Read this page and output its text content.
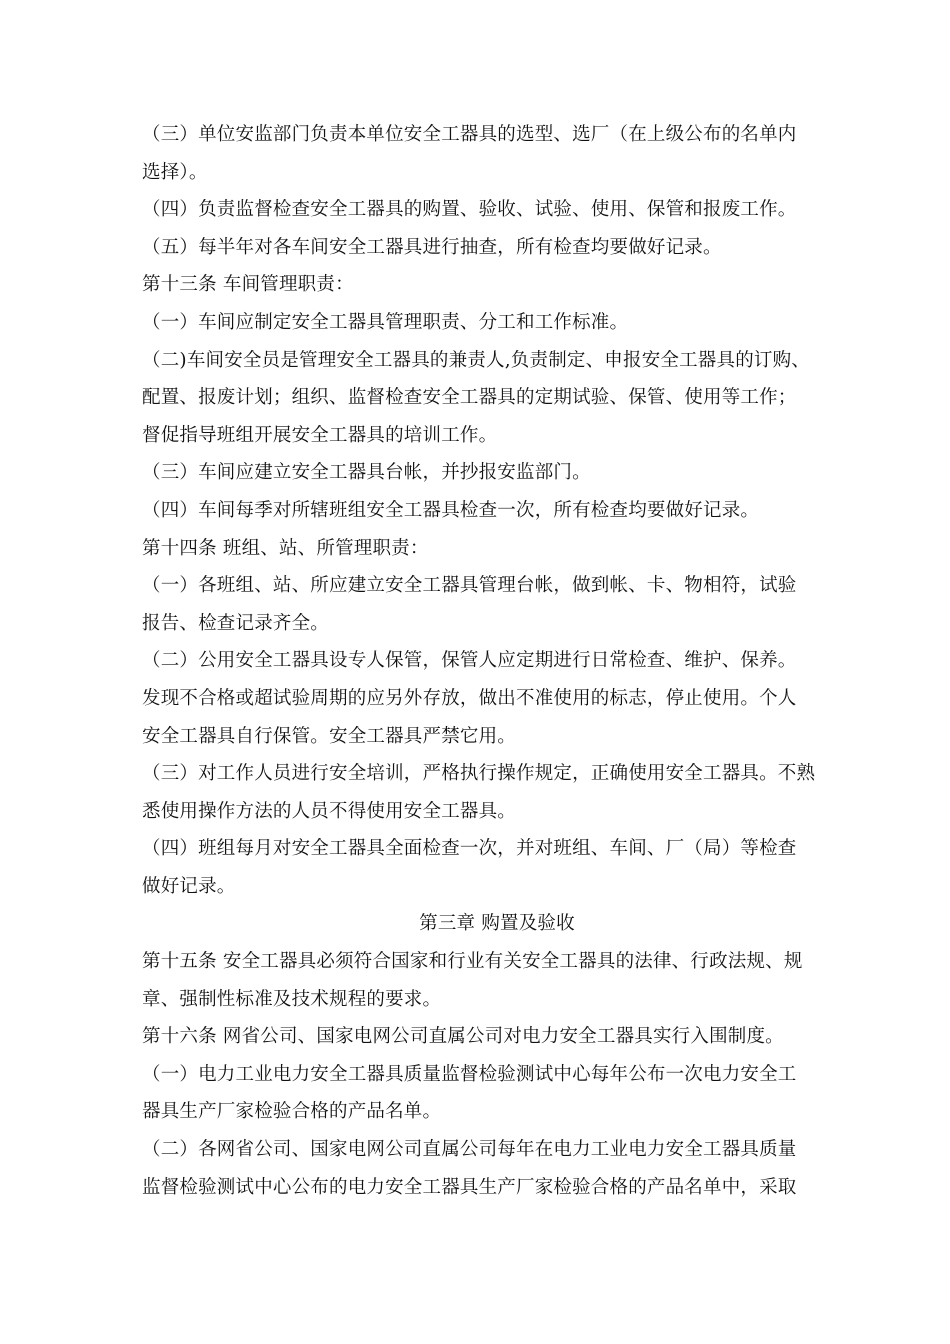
（三）单位安监部门负责本单位安全工器具的选型、选厂（在上级公布的名单内
选择）。
（四）负责监督检查安全工器具的购置、验收、试验、使用、保管和报废工作。
（五）每半年对各车间安全工器具进行抽查，所有检查均要做好记录。
第十三条 车间管理职责：
（一）车间应制定安全工器具管理职责、分工和工作标准。
（二)车间安全员是管理安全工器具的兼责人,负责制定、申报安全工器具的订购、
配置、报废计划；组织、监督检查安全工器具的定期试验、保管、使用等工作；
督促指导班组开展安全工器具的培训工作。
（三）车间应建立安全工器具台帐，并抄报安监部门。
（四）车间每季对所辖班组安全工器具检查一次，所有检查均要做好记录。
第十四条 班组、站、所管理职责：
（一）各班组、站、所应建立安全工器具管理台帐，做到帐、卡、物相符，试验
报告、检查记录齐全。
（二）公用安全工器具设专人保管，保管人应定期进行日常检查、维护、保养。
发现不合格或超试验周期的应另外存放，做出不准使用的标志，停止使用。个人
安全工器具自行保管。安全工器具严禁它用。
（三）对工作人员进行安全培训，严格执行操作规定，正确使用安全工器具。不熟
悉使用操作方法的人员不得使用安全工器具。
（四）班组每月对安全工器具全面检查一次，并对班组、车间、厂（局）等检查
做好记录。
第三章 购置及验收
第十五条 安全工器具必须符合国家和行业有关安全工器具的法律、行政法规、规
章、强制性标准及技术规程的要求。
第十六条 网省公司、国家电网公司直属公司对电力安全工器具实行入围制度。
（一）电力工业电力安全工器具质量监督检验测试中心每年公布一次电力安全工
器具生产厂家检验合格的产品名单。
（二）各网省公司、国家电网公司直属公司每年在电力工业电力安全工器具质量
监督检验测试中心公布的电力安全工器具生产厂家检验合格的产品名单中，采取
